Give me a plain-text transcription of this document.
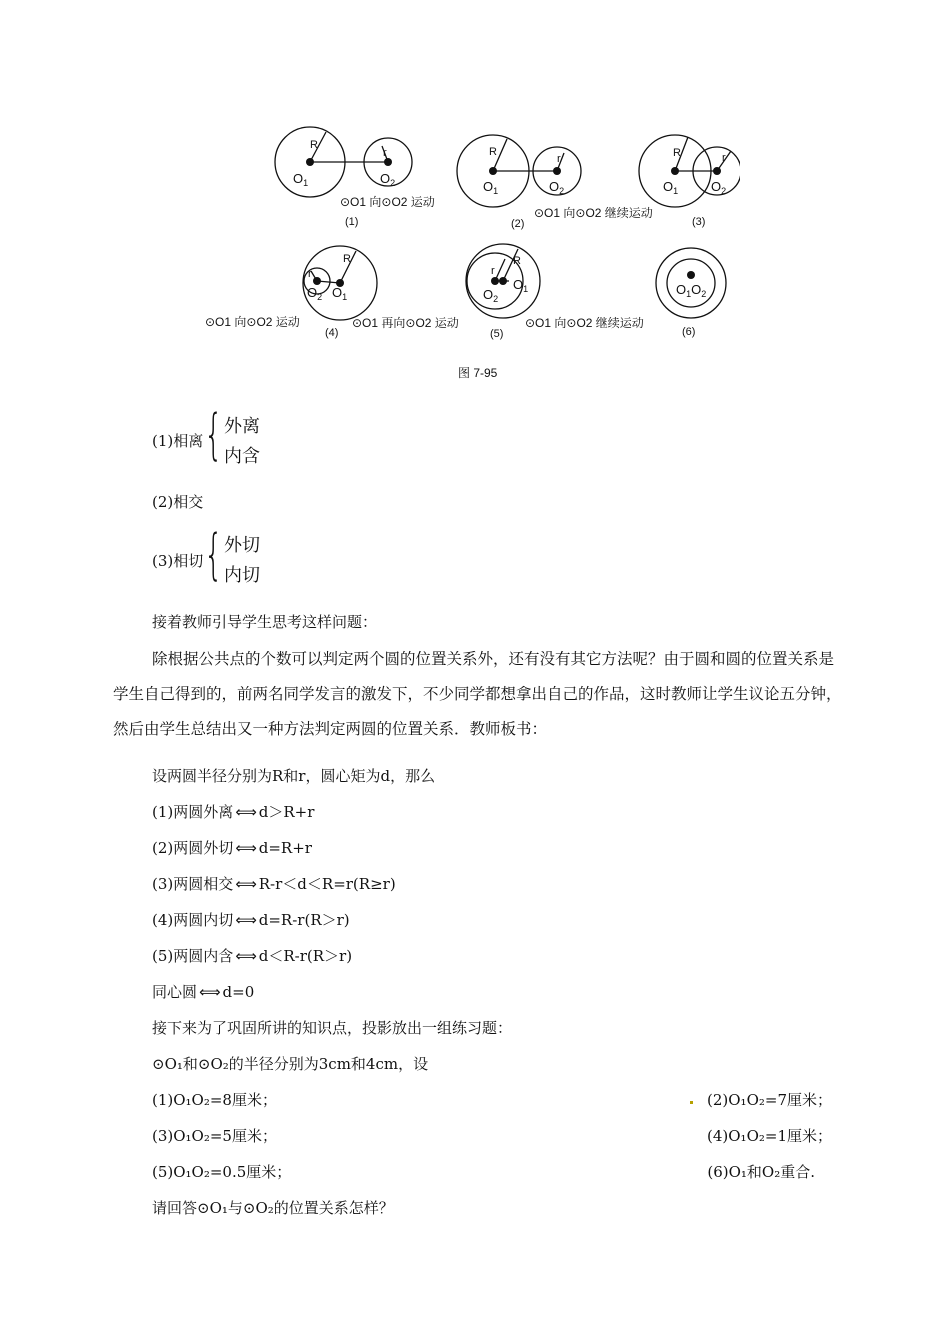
R
r	R
r	R	r
R
r
R
r
$O_1$	$O_2$	$O_1$	$O_2$	$O_1$	$O_2$
$O_2$ $O_1$	$O_2$
$O_1$	$O_1O_2$
(1)	(2)	(3)
(4)	(5)	(6)
⊙O1 向⊙O2 运动
⊙O1 向⊙O2 继续运动
⊙O1 向⊙O2 运动	⊙O1 再向⊙O2 运动	⊙O1 向⊙O2 继续运动
图 7-95
(1)相离 { 外离
内含
(2)相交
(3)相切 { 外切
内切
接着教师引导学生思考这样问题：
除根据公共点的个数可以判定两个圆的位置关系外，还有没有其它方法呢？由于圆和圆的位置关系是学生自己得到的，前两名同学发言的激发下，不少同学都想拿出自己的作品，这时教师让学生议论五分钟，然后由学生总结出又一种方法判定两圆的位置关系．教师板书：
设两圆半径分别为R和r，圆心矩为d，那么
(1)两圆外离 ⟺ d＞R+r
(2)两圆外切 ⟺ d=R+r
(3)两圆相交 ⟺ R-r＜d＜R=r(R≥r)
(4)两圆内切 ⟺ d=R-r(R＞r)
(5)两圆内含 ⟺ d＜R-r(R＞r)
同心圆 ⟺ d=0
接下来为了巩固所讲的知识点，投影放出一组练习题：
⊙O₁和⊙O₂的半径分别为3cm和4cm，设
(1)O₁O₂=8厘米；	(2)O₁O₂=7厘米；
(3)O₁O₂=5厘米；	(4)O₁O₂=1厘米；
(5)O₁O₂=0.5厘米；	(6)O₁和O₂重合.
请回答⊙O₁与⊙O₂的位置关系怎样？
